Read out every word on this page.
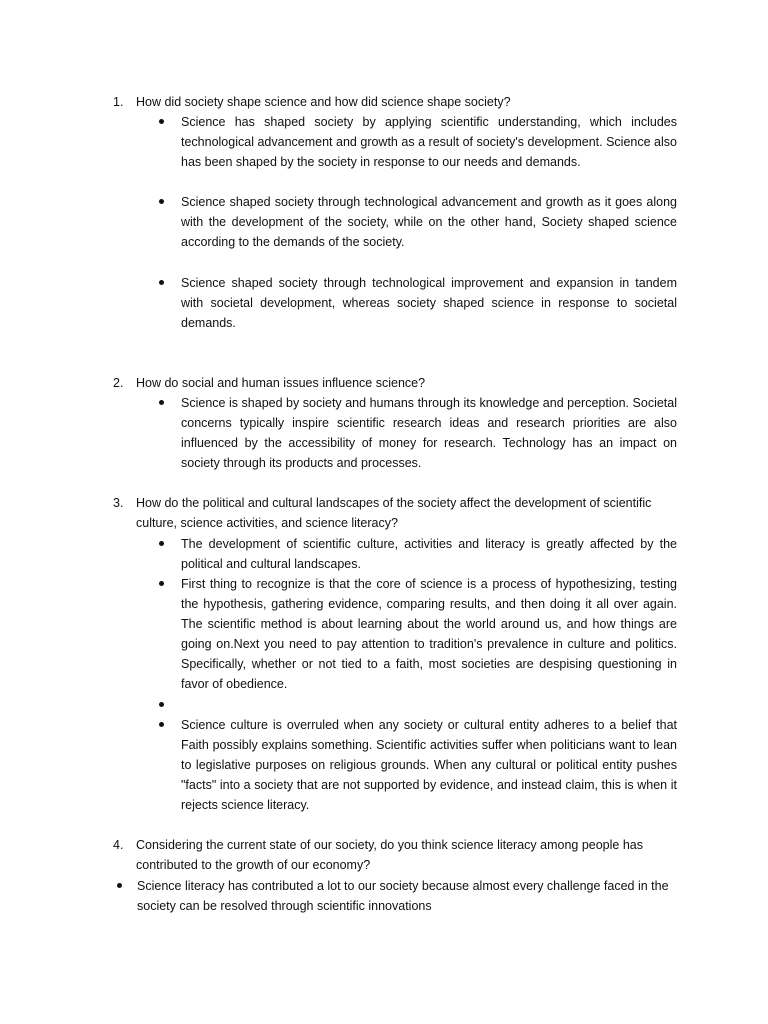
1. How did society shape science and how did science shape society?
Science has shaped society by applying scientific understanding, which includes technological advancement and growth as a result of society's development. Science also has been shaped by the society in response to our needs and demands.
Science shaped society through technological advancement and growth as it goes along with the development of the society, while on the other hand, Society shaped science according to the demands of the society.
Science shaped society through technological improvement and expansion in tandem with societal development, whereas society shaped science in response to societal demands.
2. How do social and human issues influence science?
Science is shaped by society and humans through its knowledge and perception. Societal concerns typically inspire scientific research ideas and research priorities are also influenced by the accessibility of money for research. Technology has an impact on society through its products and processes.
3. How do the political and cultural landscapes of the society affect the development of scientific culture, science activities, and science literacy?
The development of scientific culture, activities and literacy is greatly affected by the political and cultural landscapes.
First thing to recognize is that the core of science is a process of hypothesizing, testing the hypothesis, gathering evidence, comparing results, and then doing it all over again. The scientific method is about learning about the world around us, and how things are going on.Next you need to pay attention to tradition's prevalence in culture and politics. Specifically, whether or not tied to a faith, most societies are despising questioning in favor of obedience.
Science culture is overruled when any society or cultural entity adheres to a belief that Faith possibly explains something. Scientific activities suffer when politicians want to lean to legislative purposes on religious grounds. When any cultural or political entity pushes "facts" into a society that are not supported by evidence, and instead claim, this is when it rejects science literacy.
4. Considering the current state of our society, do you think science literacy among people has contributed to the growth of our economy?
Science literacy has contributed a lot to our society because almost every challenge faced in the society can be resolved through scientific innovations
